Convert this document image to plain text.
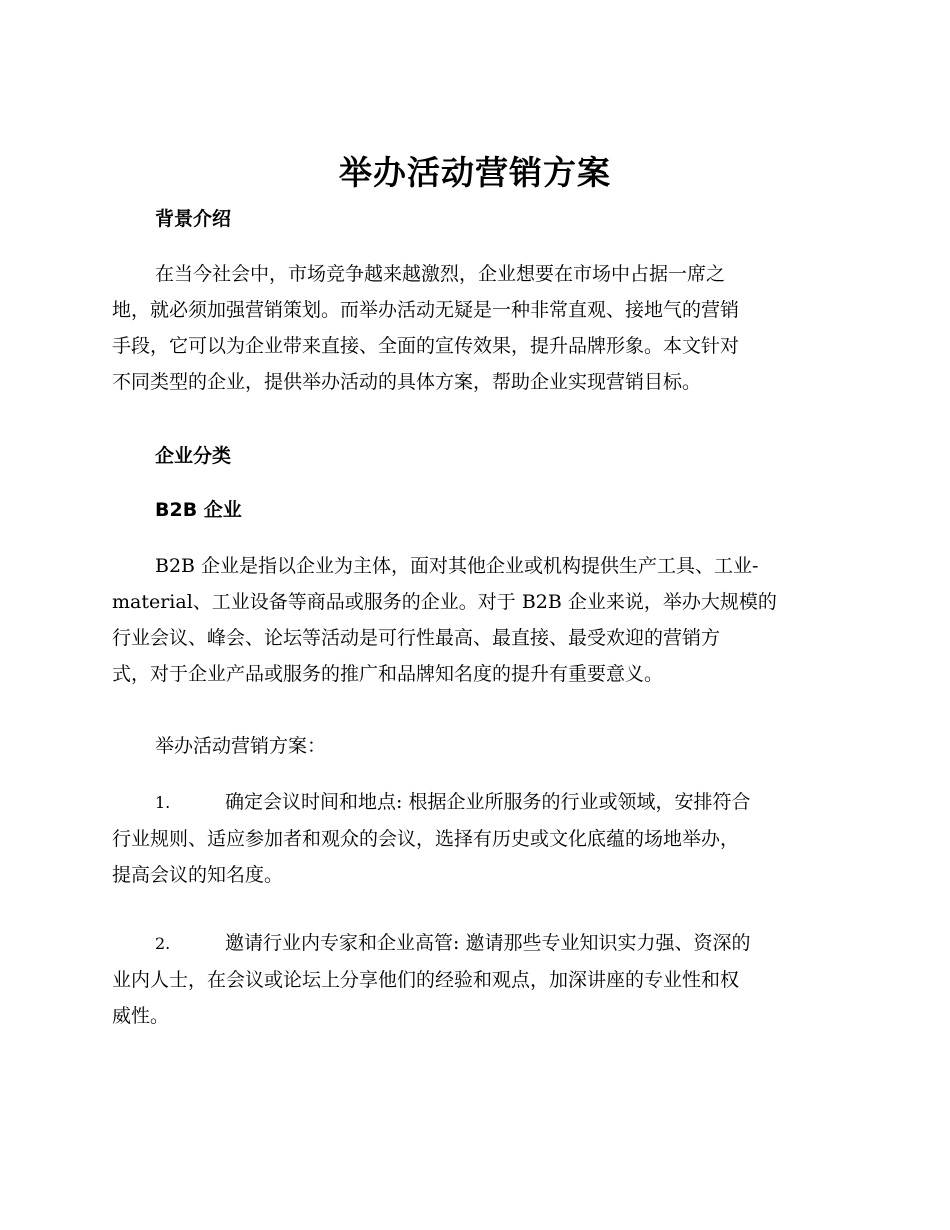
举办活动营销方案
背景介绍
在当今社会中，市场竞争越来越激烈，企业想要在市场中占据一席之
地，就必须加强营销策划。而举办活动无疑是一种非常直观、接地气的营销
手段，它可以为企业带来直接、全面的宣传效果，提升品牌形象。本文针对
不同类型的企业，提供举办活动的具体方案，帮助企业实现营销目标。
企业分类
B2B 企业
B2B 企业是指以企业为主体，面对其他企业或机构提供生产工具、工业-
material、工业设备等商品或服务的企业。对于 B2B 企业来说，举办大规模的
行业会议、峰会、论坛等活动是可行性最高、最直接、最受欢迎的营销方
式，对于企业产品或服务的推广和品牌知名度的提升有重要意义。
举办活动营销方案：
1.	确定会议时间和地点: 根据企业所服务的行业或领域，安排符合
行业规则、适应参加者和观众的会议，选择有历史或文化底蕴的场地举办，
提高会议的知名度。
2.	邀请行业内专家和企业高管: 邀请那些专业知识实力强、资深的
业内人士，在会议或论坛上分享他们的经验和观点，加深讲座的专业性和权
威性。
